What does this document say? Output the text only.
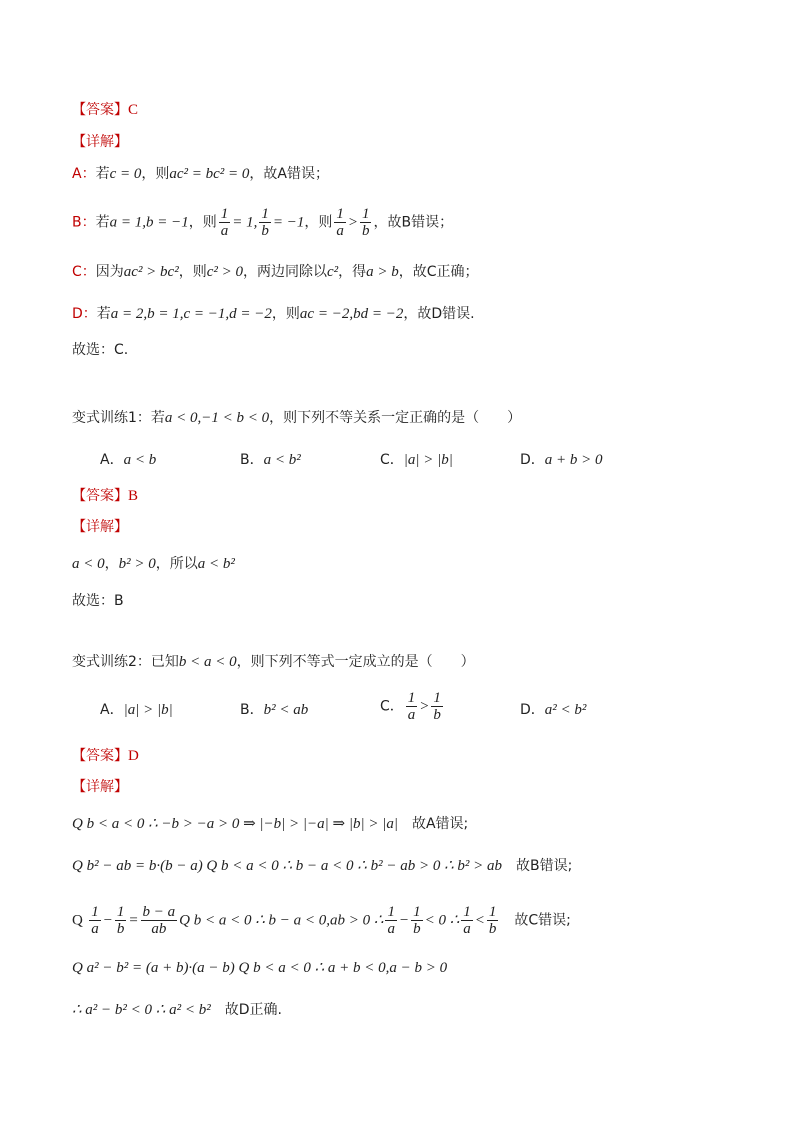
【答案】C
【详解】
A：若c = 0，则ac² = bc² = 0，故A错误；
B：若a = 1,b = −1，则 $\frac{1}{a} = 1$, $\frac{1}{b} = -1$，则 $\frac{1}{a} > \frac{1}{b}$ ，故B错误；
C：因为ac² > bc²，则c² > 0，两边同除以c²，得a > b，故C正确；
D：若a = 2,b = 1,c = −1,d = −2，则ac = −2,bd = −2，故D错误.
故选：C.
变式训练1：若a < 0,−1 < b < 0，则下列不等关系一定正确的是（　　）
A．a < b	B．a < b²	C．|a| > |b|	D．a + b > 0
【答案】B
【详解】
a < 0，b² > 0，所以a < b²
故选：B
变式训练2：已知b < a < 0，则下列不等式一定成立的是（　　）
A．|a| > |b|	B．b² < ab	C． $\frac{1}{a} > \frac{1}{b}$	D．a² < b²
【答案】D
【详解】
Q b < a < 0 ∴ −b > −a > 0 ⇒ |−b| > |−a| ⇒ |b| > |a|　故A错误;
Q b² − ab = b·(b − a) Q b < a < 0 ∴ b − a < 0 ∴ b² − ab > 0 ∴ b² > ab　故B错误;
Q $\frac{1}{a} - \frac{1}{b} = \frac{b - a}{ab}$ Q b < a < 0 ∴ b − a < 0,ab > 0 ∴ $\frac{1}{a} - \frac{1}{b} < 0$ ∴ $\frac{1}{a} < \frac{1}{b}$ 　故C错误;
Q a² − b² = (a + b)·(a − b) Q b < a < 0 ∴ a + b < 0,a − b > 0
∴ a² − b² < 0 ∴ a² < b²　故D正确.
